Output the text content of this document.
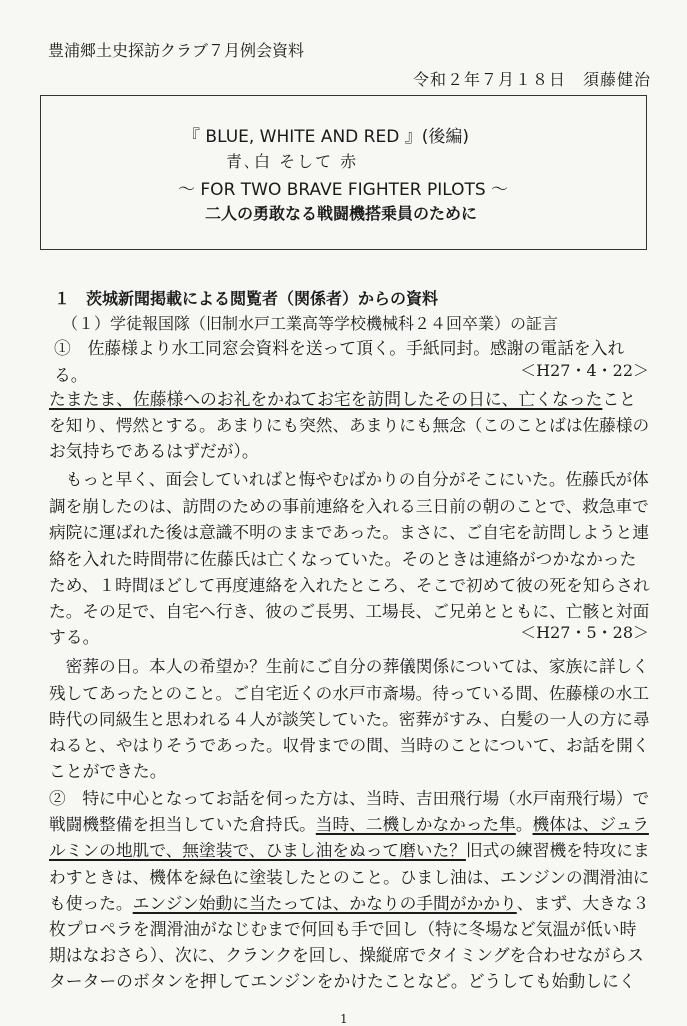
豊浦郷土史探訪クラブ７月例会資料
令和２年７月１８日　須藤健治
『 BLUE, WHITE AND RED 』(後編)
青､白 そして 赤
～ FOR TWO BRAVE FIGHTER PILOTS ～
二人の勇敢なる戦闘機搭乗員のために
１　茨城新聞掲載による閲覧者（関係者）からの資料
（１）学徒報国隊（旧制水戸工業高等学校機械科２４回卒業）の証言
①　佐藤様より水工同窓会資料を送って頂く。手紙同封。感謝の電話を入れ
る。	＜H27・4・22＞
たまたま、佐藤様へのお礼をかねてお宅を訪問したその日に、亡くなったこと
を知り、愕然とする。あまりにも突然、あまりにも無念（このことばは佐藤様の
お気持ちであるはずだが）。
　もっと早く、面会していればと悔やむばかりの自分がそこにいた。佐藤氏が体
調を崩したのは、訪問のための事前連絡を入れる三日前の朝のことで、救急車で
病院に運ばれた後は意識不明のままであった。まさに、ご自宅を訪問しようと連
絡を入れた時間帯に佐藤氏は亡くなっていた。そのときは連絡がつかなかった
ため、１時間ほどして再度連絡を入れたところ、そこで初めて彼の死を知らされ
た。その足で、自宅へ行き、彼のご長男、工場長、ご兄弟とともに、亡骸と対面
する。	＜H27・5・28＞
　密葬の日。本人の希望か？生前にご自分の葬儀関係については、家族に詳しく
残してあったとのこと。ご自宅近くの水戸市斎場。待っている間、佐藤様の水工
時代の同級生と思われる４人が談笑していた。密葬がすみ、白髪の一人の方に尋
ねると、やはりそうであった。収骨までの間、当時のことについて、お話を開く
ことができた。
②　特に中心となってお話を伺った方は、当時、吉田飛行場（水戸南飛行場）で
戦闘機整備を担当していた倉持氏。当時、二機しかなかった隼。機体は、ジュラ
ルミンの地肌で、無塗装で、ひまし油をぬって磨いた？旧式の練習機を特攻にま
わすときは、機体を緑色に塗装したとのこと。ひまし油は、エンジンの潤滑油に
も使った。エンジン始動に当たっては、かなりの手間がかかり、まず、大きな３
枚プロペラを潤滑油がなじむまで何回も手で回し（特に冬場など気温が低い時
期はなおさら）、次に、クランクを回し、操縦席でタイミングを合わせながらス
ターターのボタンを押してエンジンをかけたことなど。どうしても始動しにく
1
